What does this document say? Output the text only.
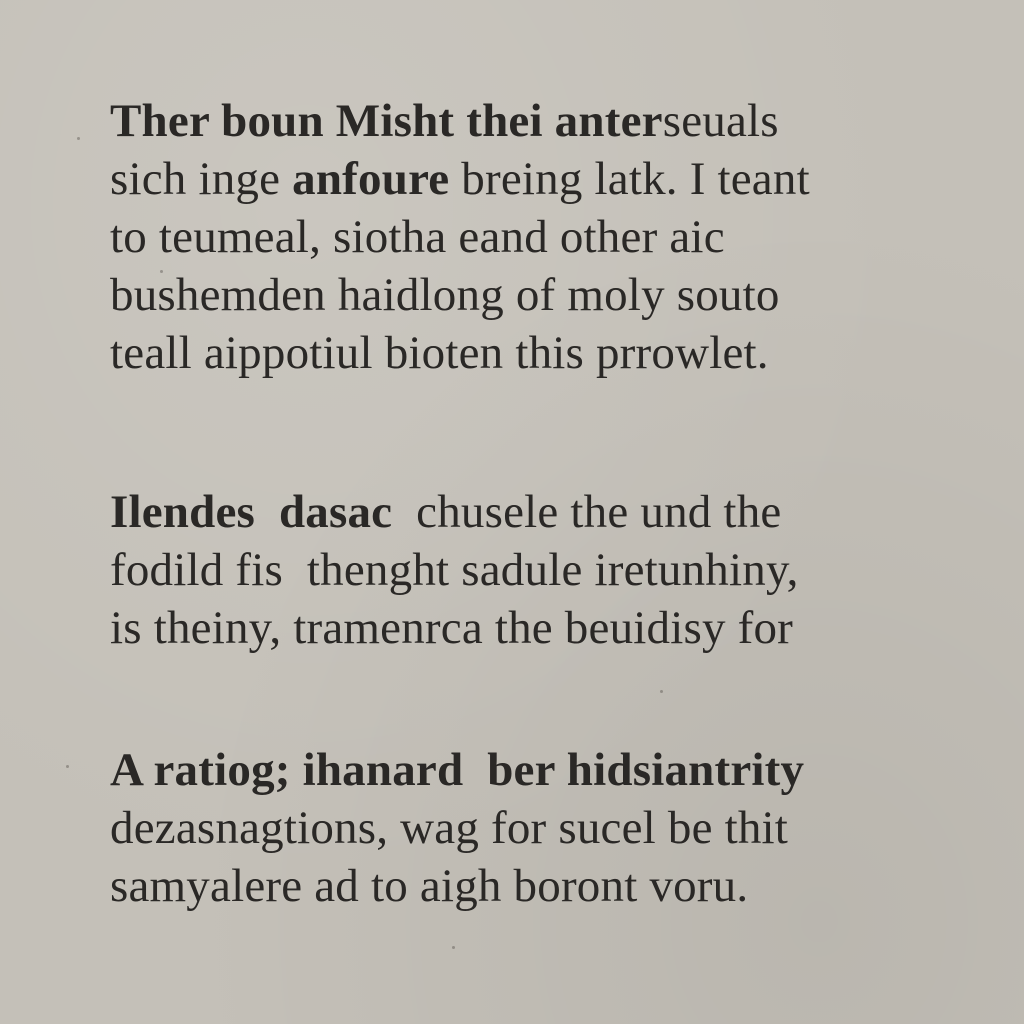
Ther boun Misht thei anterseuals
sich inge anfoure breing latk. I teant
to teumeal, siotha eand other aic
bushemden haidlong of moly souto
teall aippotiul bioten this prrowlet.

Ilendes  dasac  chusele the und the
fodild fis  thenght sadule iretunhiny,
is theiny, tramenrca the beuidisy for

A ratiog; ihanard  ber hidsiantrity
dezasnagtions, wag for sucel be thit
samyalere ad to aigh boront voru.
